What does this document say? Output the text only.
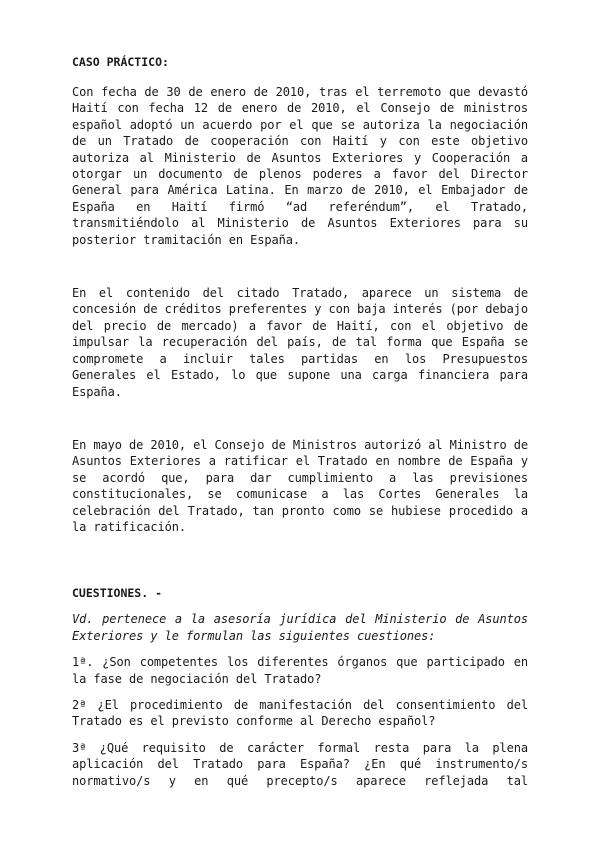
CASO PRÁCTICO:

Con fecha de 30 de enero de 2010, tras el terremoto que devastó Haití con fecha 12 de enero de 2010, el Consejo de ministros español adoptó un acuerdo por el que se autoriza la negociación de un Tratado de cooperación con Haití y con este objetivo autoriza al Ministerio de Asuntos Exteriores y Cooperación a otorgar un documento de plenos poderes a favor del Director General para América Latina. En marzo de 2010, el Embajador de España en Haití firmó “ad referéndum”, el Tratado, transmitiéndolo al Ministerio de Asuntos Exteriores para su posterior tramitación en España.

En el contenido del citado Tratado, aparece un sistema de concesión de créditos preferentes y con baja interés (por debajo del precio de mercado) a favor de Haití, con el objetivo de impulsar la recuperación del país, de tal forma que España se compromete a incluir tales partidas en los Presupuestos Generales el Estado, lo que supone una carga financiera para España.

En mayo de 2010, el Consejo de Ministros autorizó al Ministro de Asuntos Exteriores a ratificar el Tratado en nombre de España y se acordó que, para dar cumplimiento a las previsiones constitucionales, se comunicase a las Cortes Generales la celebración del Tratado, tan pronto como se hubiese procedido a la ratificación.

CUESTIONES. -

Vd. pertenece a la asesoría jurídica del Ministerio de Asuntos Exteriores y le formulan las siguientes cuestiones:

1ª. ¿Son competentes los diferentes órganos que participado en la fase de negociación del Tratado?

2ª ¿El procedimiento de manifestación del consentimiento del Tratado es el previsto conforme al Derecho español?

3ª ¿Qué requisito de carácter formal resta para la plena aplicación del Tratado para España? ¿En qué instrumento/s normativo/s y en qué precepto/s aparece reflejada tal
